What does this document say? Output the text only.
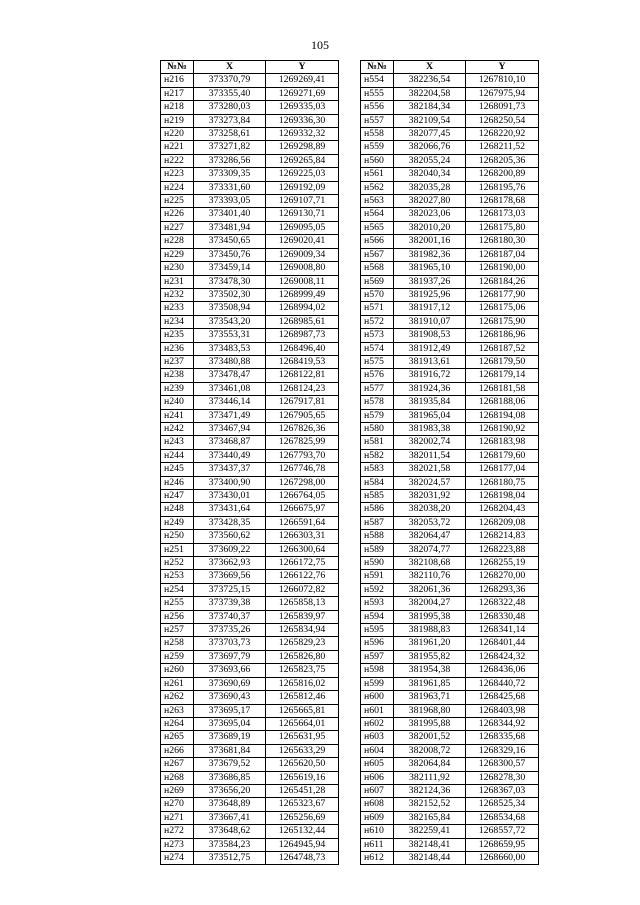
105
№№	X	Y
н216	373370,79	1269269,41
н217	373355,40	1269271,69
н218	373280,03	1269335,03
н219	373273,84	1269336,30
н220	373258,61	1269332,32
н221	373271,82	1269298,89
н222	373286,56	1269265,84
н223	373309,35	1269225,03
н224	373331,60	1269192,09
н225	373393,05	1269107,71
н226	373401,40	1269130,71
н227	373481,94	1269095,05
н228	373450,65	1269020,41
н229	373450,76	1269009,34
н230	373459,14	1269008,80
н231	373478,30	1269008,11
н232	373502,30	1268999,49
н233	373508,94	1268994,02
н234	373543,20	1268985,61
н235	373553,31	1268987,73
н236	373483,53	1268496,40
н237	373480,88	1268419,53
н238	373478,47	1268122,81
н239	373461,08	1268124,23
н240	373446,14	1267917,81
н241	373471,49	1267905,65
н242	373467,94	1267826,36
н243	373468,87	1267825,99
н244	373440,49	1267793,70
н245	373437,37	1267746,78
н246	373400,90	1267298,00
н247	373430,01	1266764,05
н248	373431,64	1266675,97
н249	373428,35	1266591,64
н250	373560,62	1266303,31
н251	373609,22	1266300,64
н252	373662,93	1266172,75
н253	373669,56	1266122,76
н254	373725,15	1266072,82
н255	373739,38	1265858,13
н256	373740,37	1265839,97
н257	373735,26	1265834,94
н258	373703,73	1265829,23
н259	373697,79	1265826,80
н260	373693,66	1265823,75
н261	373690,69	1265816,02
н262	373690,43	1265812,46
н263	373695,17	1265665,81
н264	373695,04	1265664,01
н265	373689,19	1265631,95
н266	373681,84	1265633,29
н267	373679,52	1265620,50
н268	373686,85	1265619,16
н269	373656,20	1265451,28
н270	373648,89	1265323,67
н271	373667,41	1265256,69
н272	373648,62	1265132,44
н273	373584,23	1264945,94
н274	373512,75	1264748,73
№№	X	Y
н554	382236,54	1267810,10
н555	382204,58	1267975,94
н556	382184,34	1268091,73
н557	382109,54	1268250,54
н558	382077,45	1268220,92
н559	382066,76	1268211,52
н560	382055,24	1268205,36
н561	382040,34	1268200,89
н562	382035,28	1268195,76
н563	382027,80	1268178,68
н564	382023,06	1268173,03
н565	382010,20	1268175,80
н566	382001,16	1268180,30
н567	381982,36	1268187,04
н568	381965,10	1268190,00
н569	381937,26	1268184,26
н570	381925,96	1268177,90
н571	381917,12	1268175,06
н572	381910,07	1268175,90
н573	381908,53	1268186,96
н574	381912,49	1268187,52
н575	381913,61	1268179,50
н576	381916,72	1268179,14
н577	381924,36	1268181,58
н578	381935,84	1268188,06
н579	381965,04	1268194,08
н580	381983,38	1268190,92
н581	382002,74	1268183,98
н582	382011,54	1268179,60
н583	382021,58	1268177,04
н584	382024,57	1268180,75
н585	382031,92	1268198,04
н586	382038,20	1268204,43
н587	382053,72	1268209,08
н588	382064,47	1268214,83
н589	382074,77	1268223,88
н590	382108,68	1268255,19
н591	382110,76	1268270,00
н592	382061,36	1268293,36
н593	382004,27	1268322,48
н594	381995,38	1268330,48
н595	381988,83	1268341,14
н596	381961,20	1268401,44
н597	381955,82	1268424,32
н598	381954,38	1268436,06
н599	381961,85	1268440,72
н600	381963,71	1268425,68
н601	381968,80	1268403,98
н602	381995,88	1268344,92
н603	382001,52	1268335,68
н604	382008,72	1268329,16
н605	382064,84	1268300,57
н606	382111,92	1268278,30
н607	382124,36	1268367,03
н608	382152,52	1268525,34
н609	382165,84	1268534,68
н610	382259,41	1268557,72
н611	382148,41	1268659,95
н612	382148,44	1268660,00
